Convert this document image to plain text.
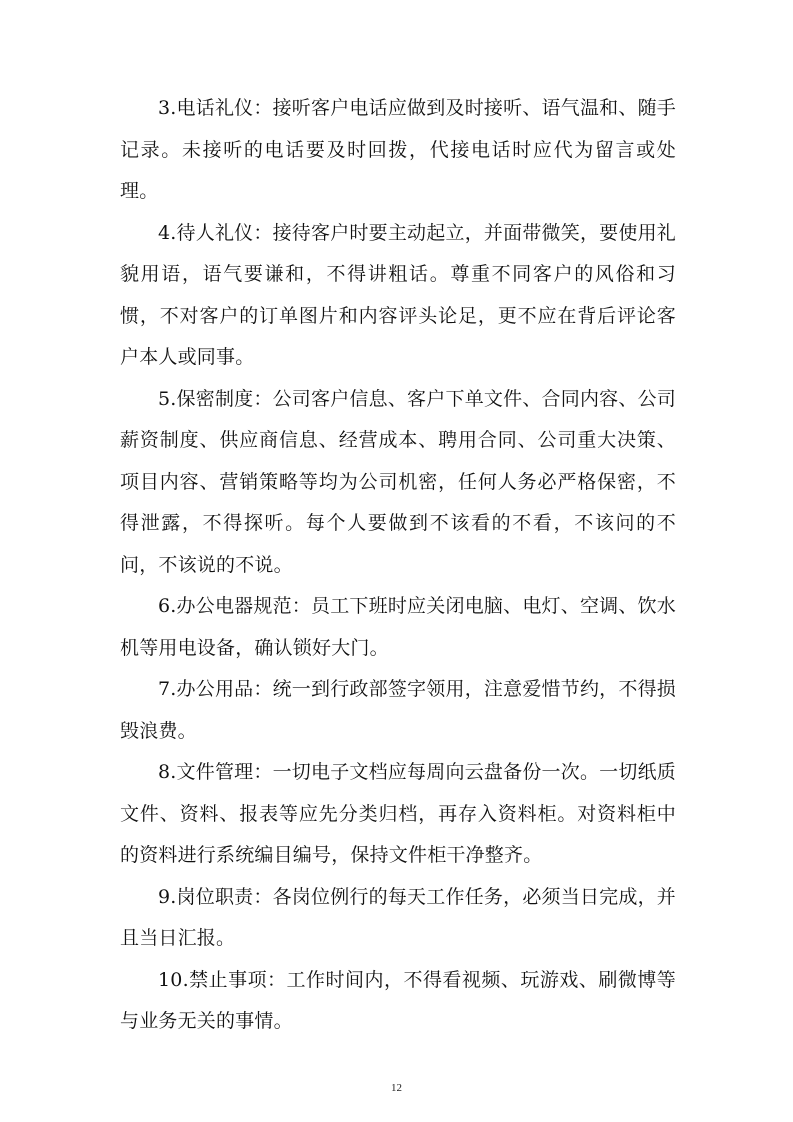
3.电话礼仪：接听客户电话应做到及时接听、语气温和、随手记录。未接听的电话要及时回拨，代接电话时应代为留言或处理。

4.待人礼仪：接待客户时要主动起立，并面带微笑，要使用礼貌用语，语气要谦和，不得讲粗话。尊重不同客户的风俗和习惯，不对客户的订单图片和内容评头论足，更不应在背后评论客户本人或同事。

5.保密制度：公司客户信息、客户下单文件、合同内容、公司薪资制度、供应商信息、经营成本、聘用合同、公司重大决策、项目内容、营销策略等均为公司机密，任何人务必严格保密，不得泄露，不得探听。每个人要做到不该看的不看，不该问的不问，不该说的不说。

6.办公电器规范：员工下班时应关闭电脑、电灯、空调、饮水机等用电设备，确认锁好大门。

7.办公用品：统一到行政部签字领用，注意爱惜节约，不得损毁浪费。

8.文件管理：一切电子文档应每周向云盘备份一次。一切纸质文件、资料、报表等应先分类归档，再存入资料柜。对资料柜中的资料进行系统编目编号，保持文件柜干净整齐。

9.岗位职责：各岗位例行的每天工作任务，必须当日完成，并且当日汇报。

10.禁止事项：工作时间内，不得看视频、玩游戏、刷微博等与业务无关的事情。

12
